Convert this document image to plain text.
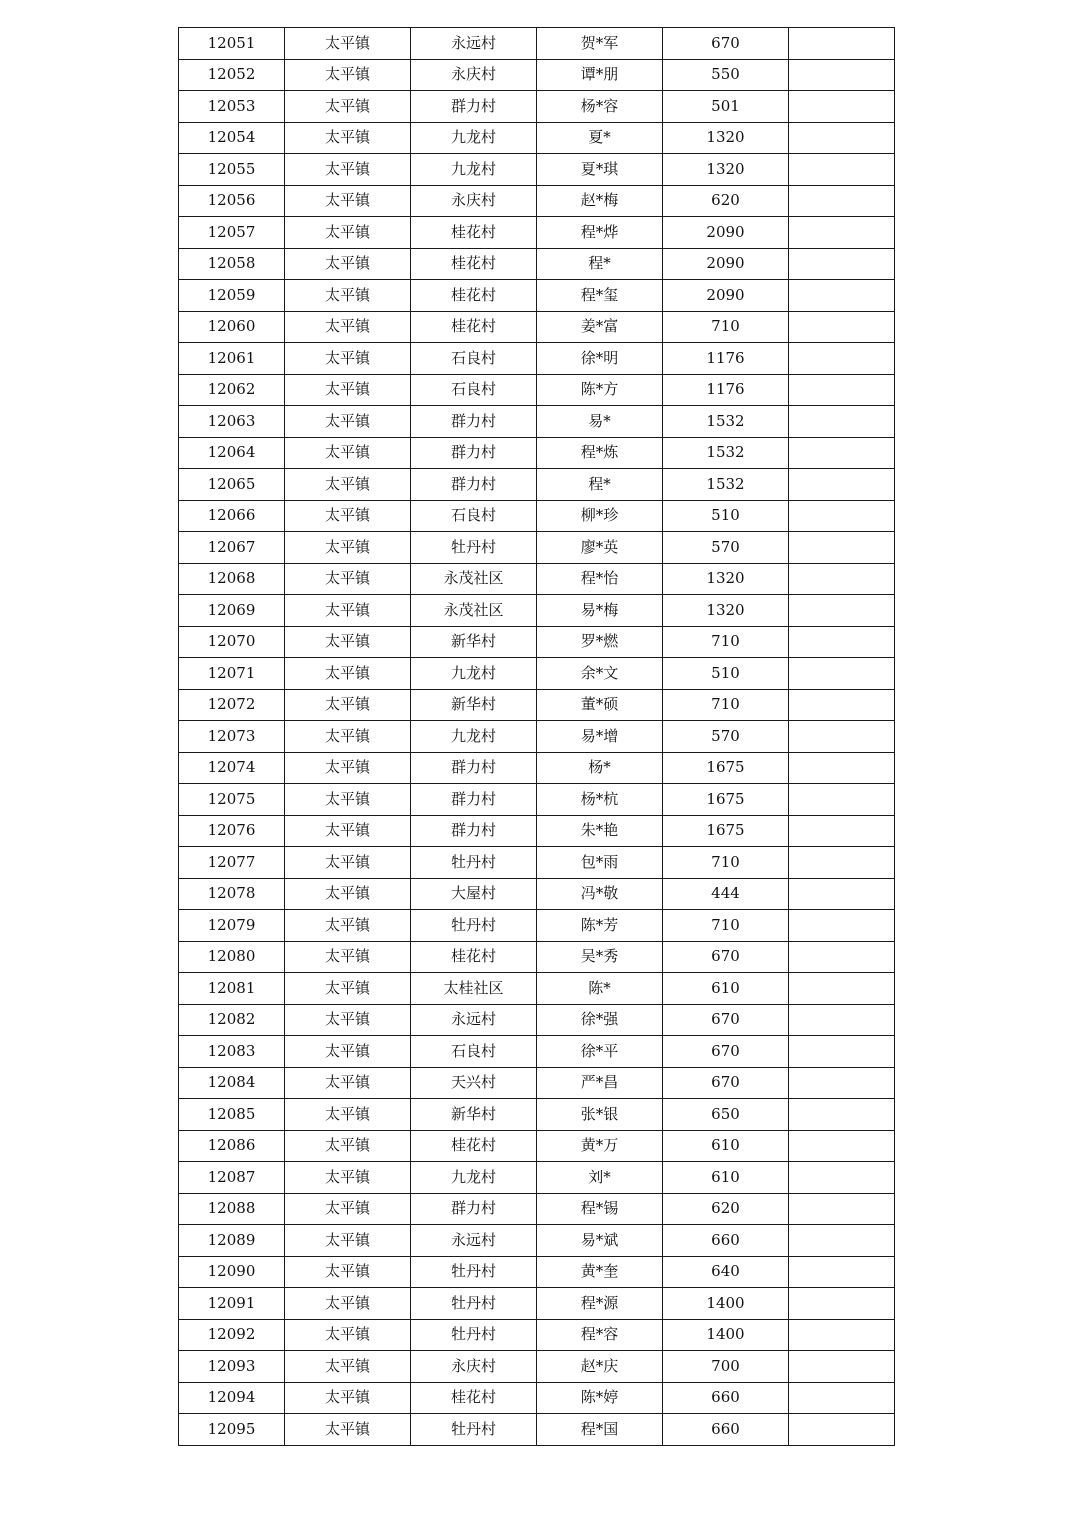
12051	太平镇	永远村	贺*军	670	
12052	太平镇	永庆村	谭*朋	550	
12053	太平镇	群力村	杨*容	501	
12054	太平镇	九龙村	夏*	1320	
12055	太平镇	九龙村	夏*琪	1320	
12056	太平镇	永庆村	赵*梅	620	
12057	太平镇	桂花村	程*烨	2090	
12058	太平镇	桂花村	程*	2090	
12059	太平镇	桂花村	程*玺	2090	
12060	太平镇	桂花村	姜*富	710	
12061	太平镇	石良村	徐*明	1176	
12062	太平镇	石良村	陈*方	1176	
12063	太平镇	群力村	易*	1532	
12064	太平镇	群力村	程*炼	1532	
12065	太平镇	群力村	程*	1532	
12066	太平镇	石良村	柳*珍	510	
12067	太平镇	牡丹村	廖*英	570	
12068	太平镇	永茂社区	程*怡	1320	
12069	太平镇	永茂社区	易*梅	1320	
12070	太平镇	新华村	罗*燃	710	
12071	太平镇	九龙村	余*文	510	
12072	太平镇	新华村	董*硕	710	
12073	太平镇	九龙村	易*增	570	
12074	太平镇	群力村	杨*	1675	
12075	太平镇	群力村	杨*杭	1675	
12076	太平镇	群力村	朱*艳	1675	
12077	太平镇	牡丹村	包*雨	710	
12078	太平镇	大屋村	冯*敬	444	
12079	太平镇	牡丹村	陈*芳	710	
12080	太平镇	桂花村	吴*秀	670	
12081	太平镇	太桂社区	陈*	610	
12082	太平镇	永远村	徐*强	670	
12083	太平镇	石良村	徐*平	670	
12084	太平镇	天兴村	严*昌	670	
12085	太平镇	新华村	张*银	650	
12086	太平镇	桂花村	黄*万	610	
12087	太平镇	九龙村	刘*	610	
12088	太平镇	群力村	程*锡	620	
12089	太平镇	永远村	易*斌	660	
12090	太平镇	牡丹村	黄*奎	640	
12091	太平镇	牡丹村	程*源	1400	
12092	太平镇	牡丹村	程*容	1400	
12093	太平镇	永庆村	赵*庆	700	
12094	太平镇	桂花村	陈*婷	660	
12095	太平镇	牡丹村	程*国	660	
